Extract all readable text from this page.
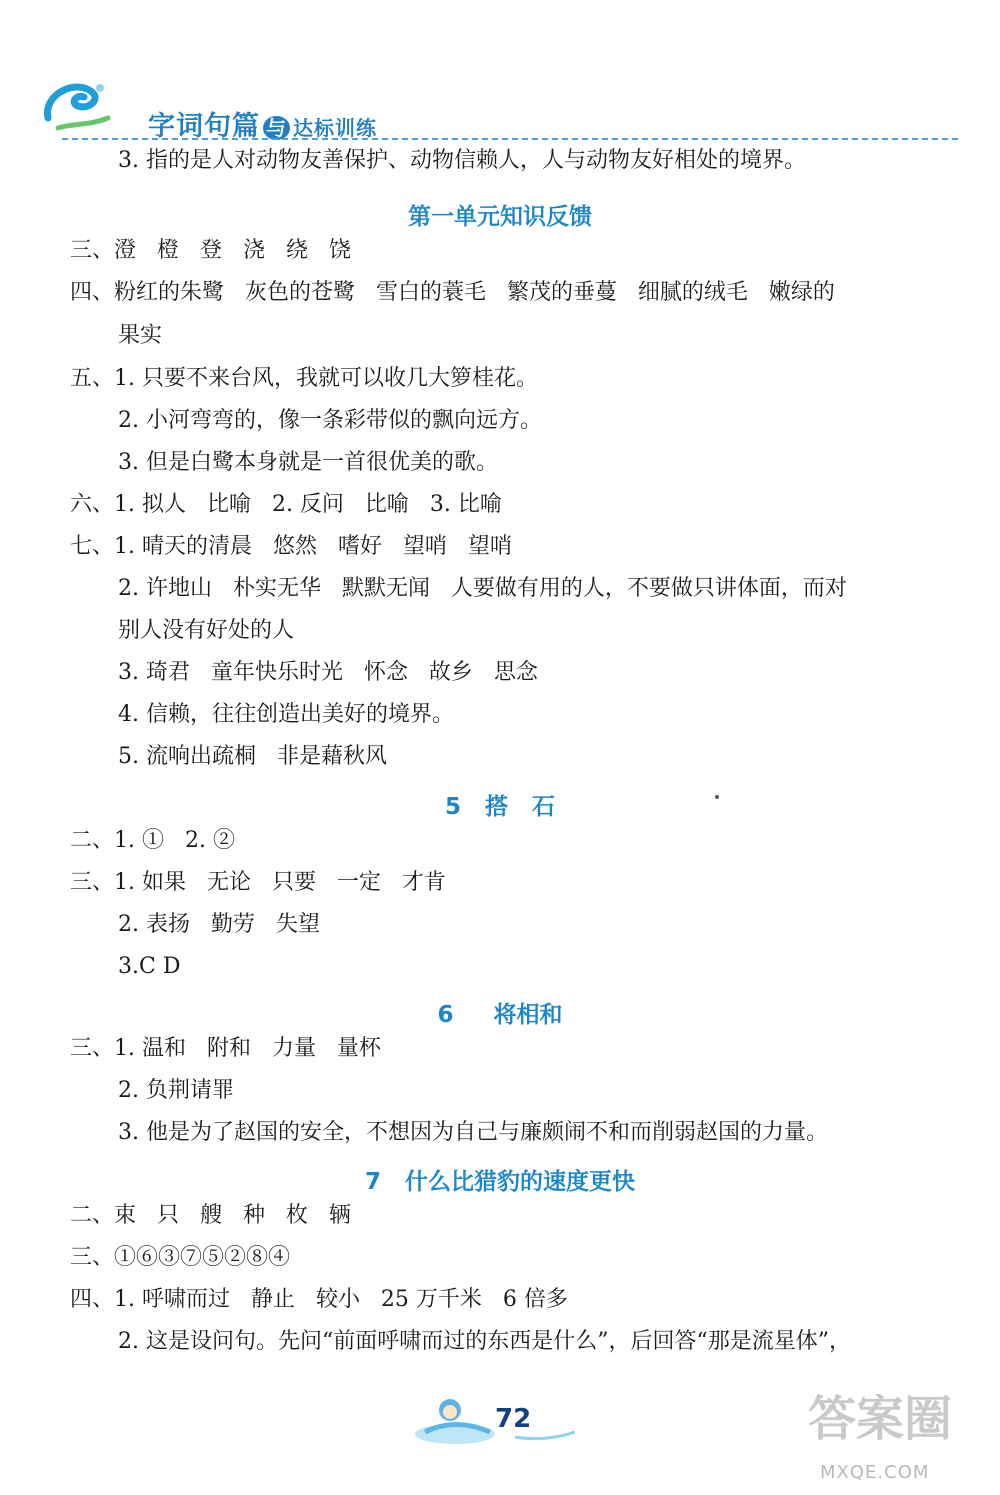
字词句篇 与 达标训练
3. 指的是人对动物友善保护、动物信赖人，人与动物友好相处的境界。
三、澄   橙   登   浇   绕   饶
四、粉红的朱鹭   灰色的苍鹭   雪白的蓑毛   繁茂的垂蔓   细腻的绒毛   嫩绿的
果实
五、1. 只要不来台风，我就可以收几大箩桂花。
2. 小河弯弯的，像一条彩带似的飘向远方。
3. 但是白鹭本身就是一首很优美的歌。
六、1. 拟人   比喻   2. 反问   比喻   3. 比喻
七、1. 晴天的清晨   悠然   嗜好   望哨   望哨
2. 许地山   朴实无华   默默无闻   人要做有用的人，不要做只讲体面，而对
别人没有好处的人
3. 琦君   童年快乐时光   怀念   故乡   思念
4. 信赖，往往创造出美好的境界。
5. 流响出疏桐   非是藉秋风
二、1. ①   2. ②
三、1. 如果   无论   只要   一定   才肯
2. 表扬   勤劳   失望
3.C D
三、1. 温和   附和   力量   量杯
2. 负荆请罪
3. 他是为了赵国的安全，不想因为自己与廉颇闹不和而削弱赵国的力量。
二、束   只   艘   种   枚   辆
三、①⑥③⑦⑤②⑧④
四、1. 呼啸而过   静止   较小   25 万千米   6 倍多
2. 这是设问句。先问“前面呼啸而过的东西是什么”，后回答“那是流星体”，
第一单元知识反馈
5   搭   石
6     将相和
7   什么比猎豹的速度更快
72	答案圈
MXQE.COM
